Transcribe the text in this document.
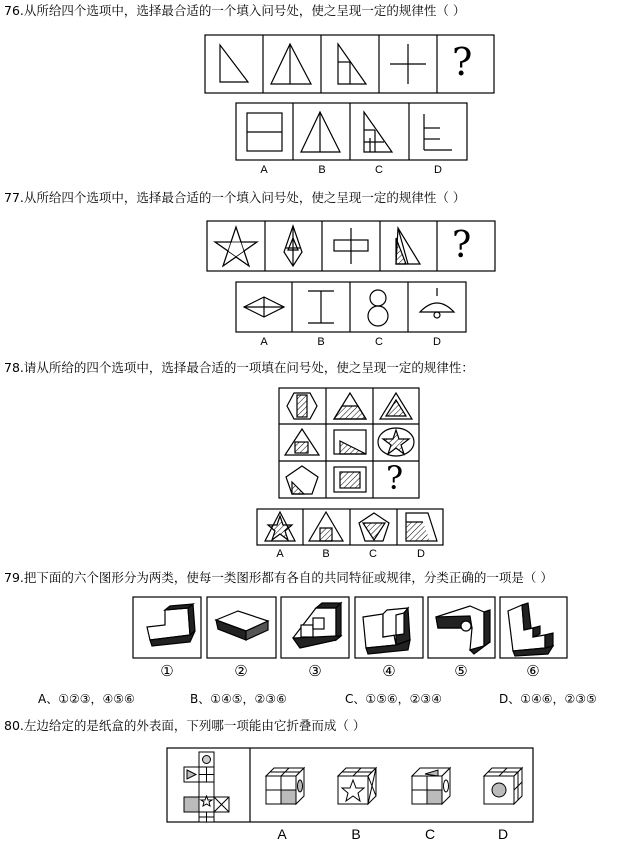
76.从所给四个选项中，选择最合适的一个填入问号处，使之呈现一定的规律性（ ）
77.从所给四个选项中，选择最合适的一个填入问号处，使之呈现一定的规律性（ ）
78.请从所给的四个选项中，选择最合适的一项填在问号处，使之呈现一定的规律性：
79.把下面的六个图形分为两类，使每一类图形都有各自的共同特征或规律，分类正确的一项是（ ）
80.左边给定的是纸盒的外表面，下列哪一项能由它折叠而成（ ）
?
A	B	C	D
?
A	B	C	D
?
A	B	C	D
①	②	③	④	⑤	⑥
A、①②③，④⑤⑥	B、①④⑤，②③⑥	C、①⑤⑥，②③④	D、①④⑥，②③⑤
A	B	C	D
